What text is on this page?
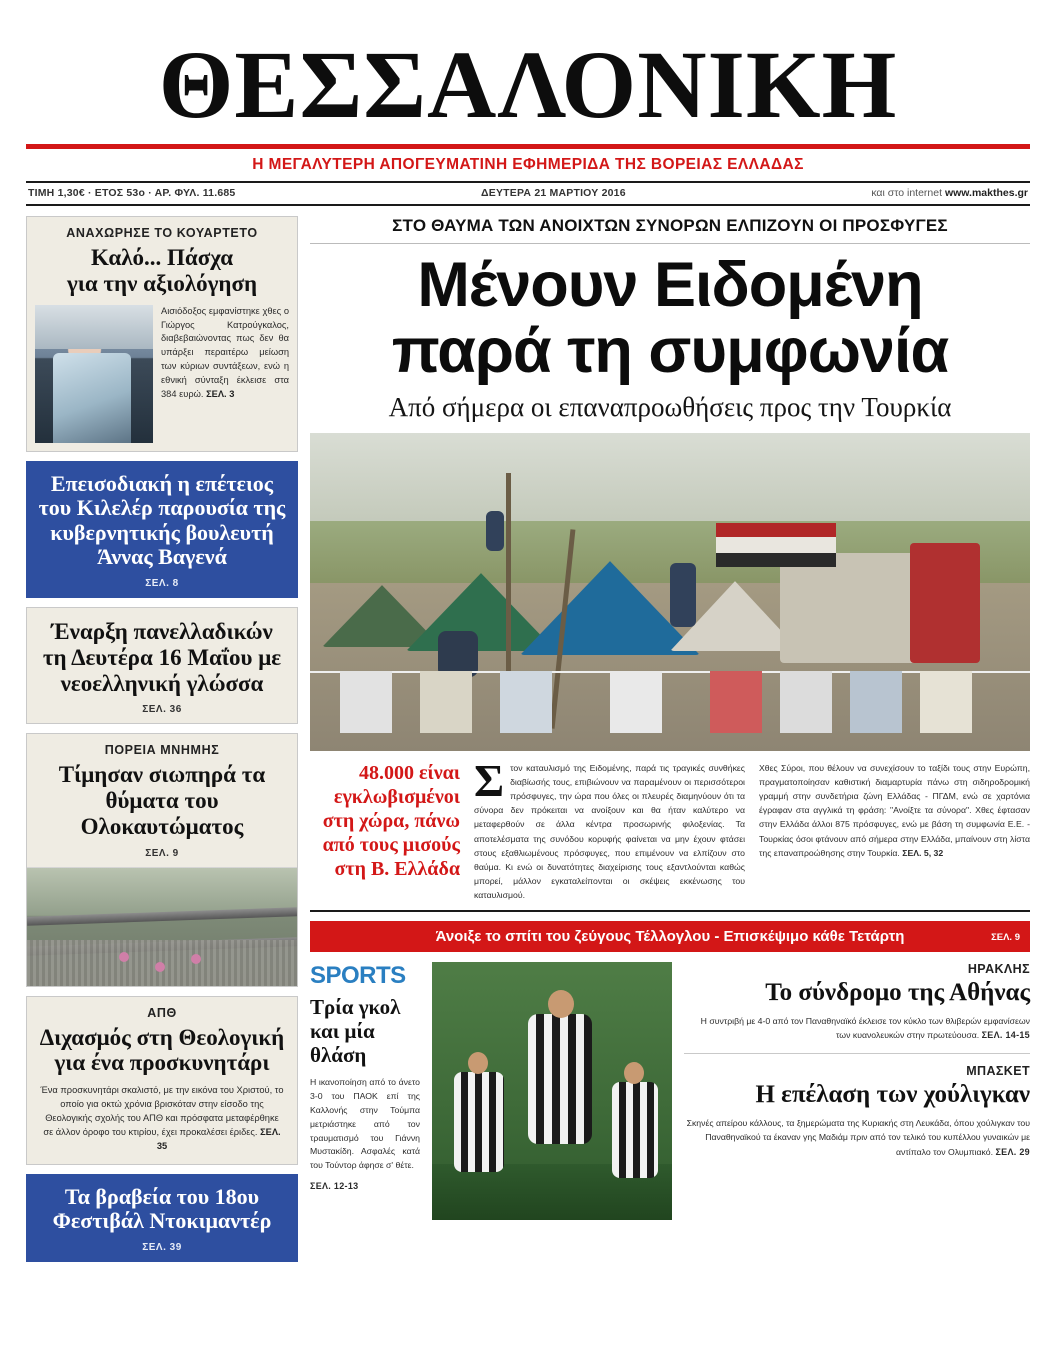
ΘΕΣΣΑΛΟΝΙΚΗ
Η ΜΕΓΑΛΥΤΕΡΗ ΑΠΟΓΕΥΜΑΤΙΝΗ ΕΦΗΜΕΡΙΔΑ ΤΗΣ ΒΟΡΕΙΑΣ ΕΛΛΑΔΑΣ
ΤΙΜΗ 1,30€ · ΕΤΟΣ 53ο · ΑΡ. ΦΥΛ. 11.685	ΔΕΥΤΕΡΑ 21 ΜΑΡΤΙΟΥ 2016	και στο internet www.makthes.gr
ΑΝΑΧΩΡΗΣΕ ΤΟ ΚΟΥΑΡΤΕΤΟ
Καλό... Πάσχα
για την αξιολόγηση
Αισιόδοξος εμφανίστηκε χθες ο Γιώργος Κατρούγκαλος, διαβεβαιώνοντας πως δεν θα υπάρξει περαιτέρω μείωση των κύριων συντάξεων, ενώ η εθνική σύνταξη έκλεισε στα 384 ευρώ. ΣΕΛ. 3
Επεισοδιακή η επέτειος του Κιλελέρ παρουσία της κυβερνητικής βουλευτή Άννας Βαγενά
ΣΕΛ. 8
Έναρξη πανελλαδικών τη Δευτέρα 16 Μαΐου με νεοελληνική γλώσσα
ΣΕΛ. 36
ΠΟΡΕΙΑ ΜΝΗΜΗΣ
Τίμησαν σιωπηρά τα θύματα του Ολοκαυτώματος
ΣΕΛ. 9
ΑΠΘ
Διχασμός στη Θεολογική για ένα προσκυνητάρι
Ένα προσκυνητάρι σκαλιστό, με την εικόνα του Χριστού, το οποίο για οκτώ χρόνια βρισκόταν στην είσοδο της Θεολογικής σχολής του ΑΠΘ και πρόσφατα μεταφέρθηκε σε άλλον όροφο του κτιρίου, έχει προκαλέσει έριδες. ΣΕΛ. 35
Τα βραβεία του 18ου Φεστιβάλ Ντοκιμαντέρ
ΣΕΛ. 39
ΣΤΟ ΘΑΥΜΑ ΤΩΝ ΑΝΟΙΧΤΩΝ ΣΥΝΟΡΩΝ ΕΛΠΙΖΟΥΝ ΟΙ ΠΡΟΣΦΥΓΕΣ
Μένουν Ειδομένη
παρά τη συμφωνία
Από σήμερα οι επαναπροωθήσεις προς την Τουρκία
48.000 είναι εγκλωβισμένοι στη χώρα, πάνω από τους μισούς στη Β. Ελλάδα
Σ τον καταυλισμό της Ειδομένης, παρά τις τραγικές συνθήκες διαβίωσής τους, επιβιώνουν να παραμένουν οι περισσότεροι πρόσφυγες, την ώρα που όλες οι πλευρές διαμηνύουν ότι τα σύνορα δεν πρόκειται να ανοίξουν και θα ήταν καλύτερο να μεταφερθούν σε άλλα κέντρα προσωρινής φιλοξενίας. Τα αποτελέσματα της συνόδου κορυφής φαίνεται να μην έχουν φτάσει στους εξαθλιωμένους πρόσφυγες, που επιμένουν να ελπίζουν στο θαύμα. Κι ενώ οι δυνατότητες διαχείρισης τους εξαντλούνται καθώς μπορεί, μάλλον εγκαταλείπονται οι σκέψεις εκκένωσης του καταυλισμού.
Χθες Σύροι, που θέλουν να συνεχίσουν το ταξίδι τους στην Ευρώπη, πραγματοποίησαν καθιστική διαμαρτυρία πάνω στη σιδηροδρομική γραμμή στην συνδετήρια ζώνη Ελλάδας - ΠΓΔΜ, ενώ σε χαρτόνια έγραφαν στα αγγλικά τη φράση: "Ανοίξτε τα σύνορα". Χθες έφτασαν στην Ελλάδα άλλοι 875 πρόσφυγες, ενώ με βάση τη συμφωνία Ε.Ε. - Τουρκίας όσοι φτάνουν από σήμερα στην Ελλάδα, μπαίνουν στη λίστα της επαναπροώθησης στην Τουρκία. ΣΕΛ. 5, 32
Άνοιξε το σπίτι του ζεύγους Τέλλογλου - Επισκέψιμο κάθε Τετάρτη	ΣΕΛ. 9
SPORTS
Τρία γκολ και μία θλάση
Η ικανοποίηση από το άνετο 3-0 του ΠΑΟΚ επί της Καλλονής στην Τούμπα μετριάστηκε από τον τραυματισμό του Γιάννη Μυστακίδη. Ασφαλές κατά του Τούντορ άφησε σ' θέτε.
ΣΕΛ. 12-13
ΗΡΑΚΛΗΣ
Το σύνδρομο της Αθήνας
Η συντριβή με 4-0 από τον Παναθηναϊκό έκλεισε τον κύκλο των θλιβερών εμφανίσεων των κυανολευκών στην πρωτεύουσα. ΣΕΛ. 14-15
ΜΠΑΣΚΕΤ
Η επέλαση των χούλιγκαν
Σκηνές απείρου κάλλους, τα ξημερώματα της Κυριακής στη Λευκάδα, όπου χούλιγκαν του Παναθηναϊκού τα έκαναν γης Μαδιάμ πριν από τον τελικό του κυπέλλου γυναικών με αντίπαλο τον Ολυμπιακό. ΣΕΛ. 29
